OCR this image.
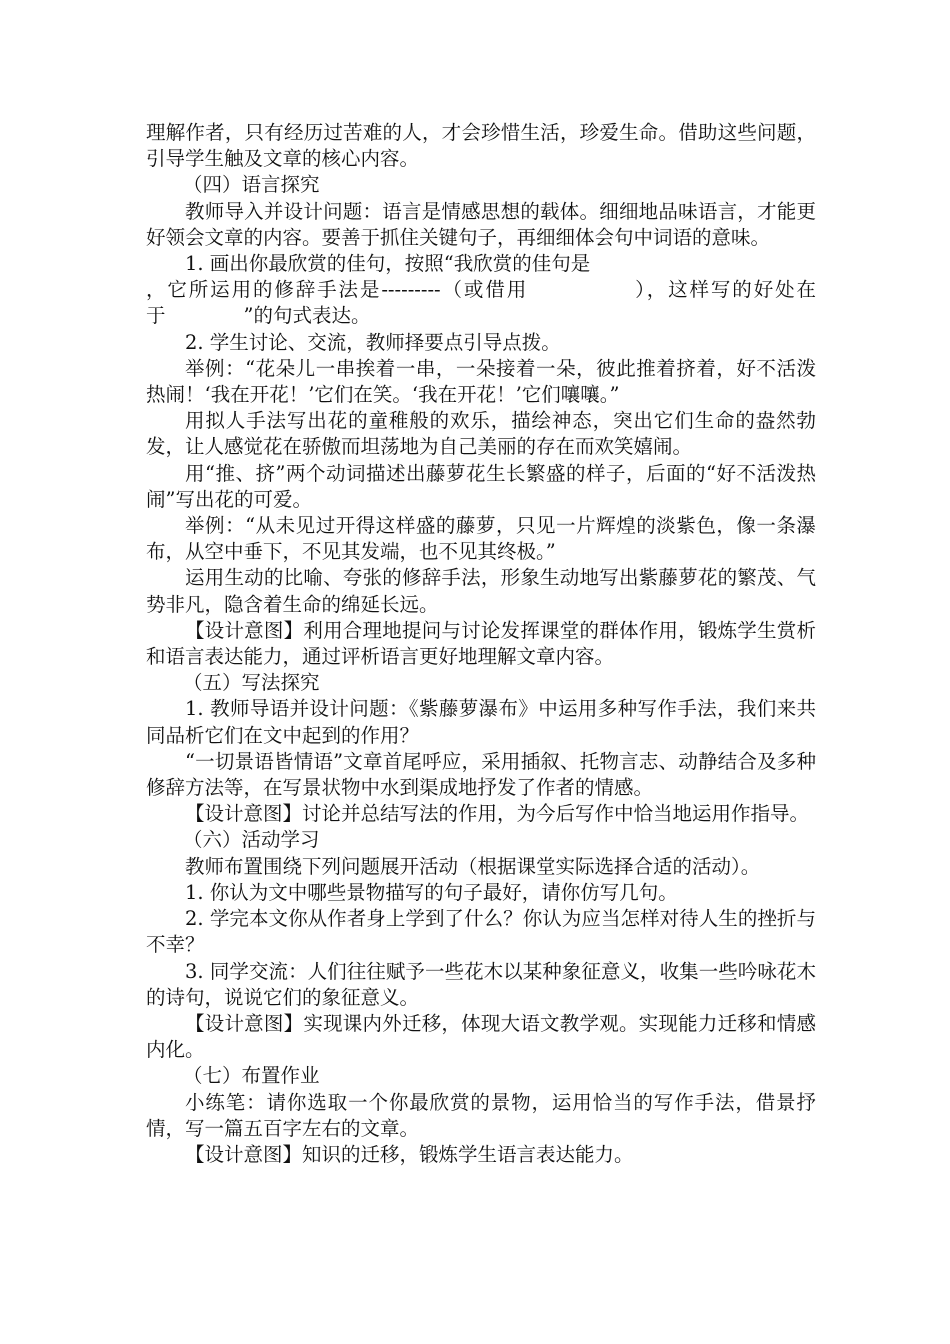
理解作者，只有经历过苦难的人，才会珍惜生活，珍爱生命。借助这些问题，引导学生触及文章的核心内容。

（四）语言探究

教师导入并设计问题：语言是情感思想的载体。细细地品味语言，才能更好领会文章的内容。要善于抓住关键句子，再细细体会句中词语的意味。

1. 画出你最欣赏的佳句，按照“我欣赏的佳句是

，它所运用的修辞手法是---------（或借用　　　　　），这样写的好处在于　　　　”的句式表达。

2. 学生讨论、交流，教师择要点引导点拨。

举例：“花朵儿一串挨着一串，一朵接着一朵，彼此推着挤着，好不活泼热闹！‘我在开花！’它们在笑。‘我在开花！’它们嚷嚷。”

用拟人手法写出花的童稚般的欢乐，描绘神态，突出它们生命的盎然勃发，让人感觉花在骄傲而坦荡地为自己美丽的存在而欢笑嬉闹。

用“推、挤”两个动词描述出藤萝花生长繁盛的样子，后面的“好不活泼热闹”写出花的可爱。

举例：“从未见过开得这样盛的藤萝，只见一片辉煌的淡紫色，像一条瀑布，从空中垂下，不见其发端，也不见其终极。”

运用生动的比喻、夸张的修辞手法，形象生动地写出紫藤萝花的繁茂、气势非凡，隐含着生命的绵延长远。

【设计意图】利用合理地提问与讨论发挥课堂的群体作用，锻炼学生赏析和语言表达能力，通过评析语言更好地理解文章内容。

（五）写法探究

1. 教师导语并设计问题：《紫藤萝瀑布》中运用多种写作手法，我们来共同品析它们在文中起到的作用？

“一切景语皆情语”文章首尾呼应，采用插叙、托物言志、动静结合及多种修辞方法等，在写景状物中水到渠成地抒发了作者的情感。

【设计意图】讨论并总结写法的作用，为今后写作中恰当地运用作指导。

（六）活动学习

教师布置围绕下列问题展开活动（根据课堂实际选择合适的活动）。

1. 你认为文中哪些景物描写的句子最好，请你仿写几句。

2. 学完本文你从作者身上学到了什么？你认为应当怎样对待人生的挫折与不幸？

3. 同学交流：人们往往赋予一些花木以某种象征意义，收集一些吟咏花木的诗句，说说它们的象征意义。

【设计意图】实现课内外迁移，体现大语文教学观。实现能力迁移和情感内化。

（七）布置作业

小练笔：请你选取一个你最欣赏的景物，运用恰当的写作手法，借景抒情，写一篇五百字左右的文章。

【设计意图】知识的迁移，锻炼学生语言表达能力。
